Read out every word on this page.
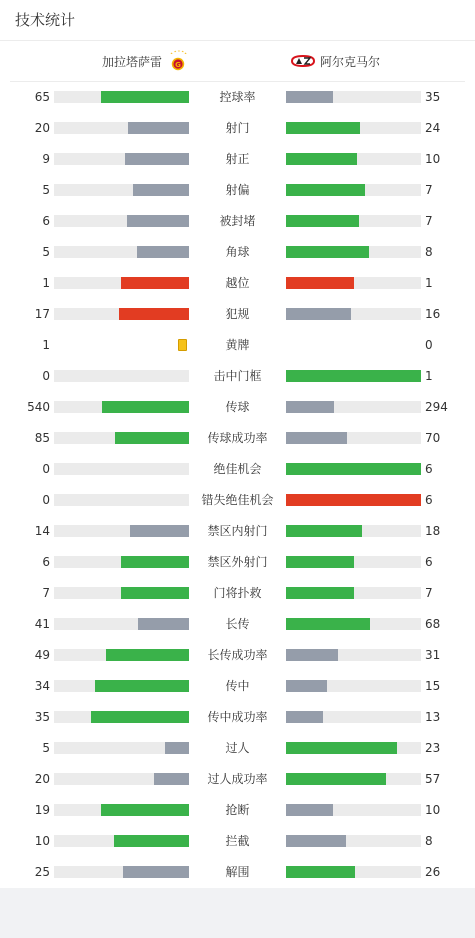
技术统计
加拉塔萨雷 G	阿尔克马尔
65	控球率	35
20	射门	24
9	射正	10
5	射偏	7
6	被封堵	7
5	角球	8
1	越位	1
17	犯规	16
1	黄牌	0
0	击中门框	1
540	传球	294
85	传球成功率	70
0	绝佳机会	6
0	错失绝佳机会	6
14	禁区内射门	18
6	禁区外射门	6
7	门将扑救	7
41	长传	68
49	长传成功率	31
34	传中	15
35	传中成功率	13
5	过人	23
20	过人成功率	57
19	抢断	10
10	拦截	8
25	解围	26
